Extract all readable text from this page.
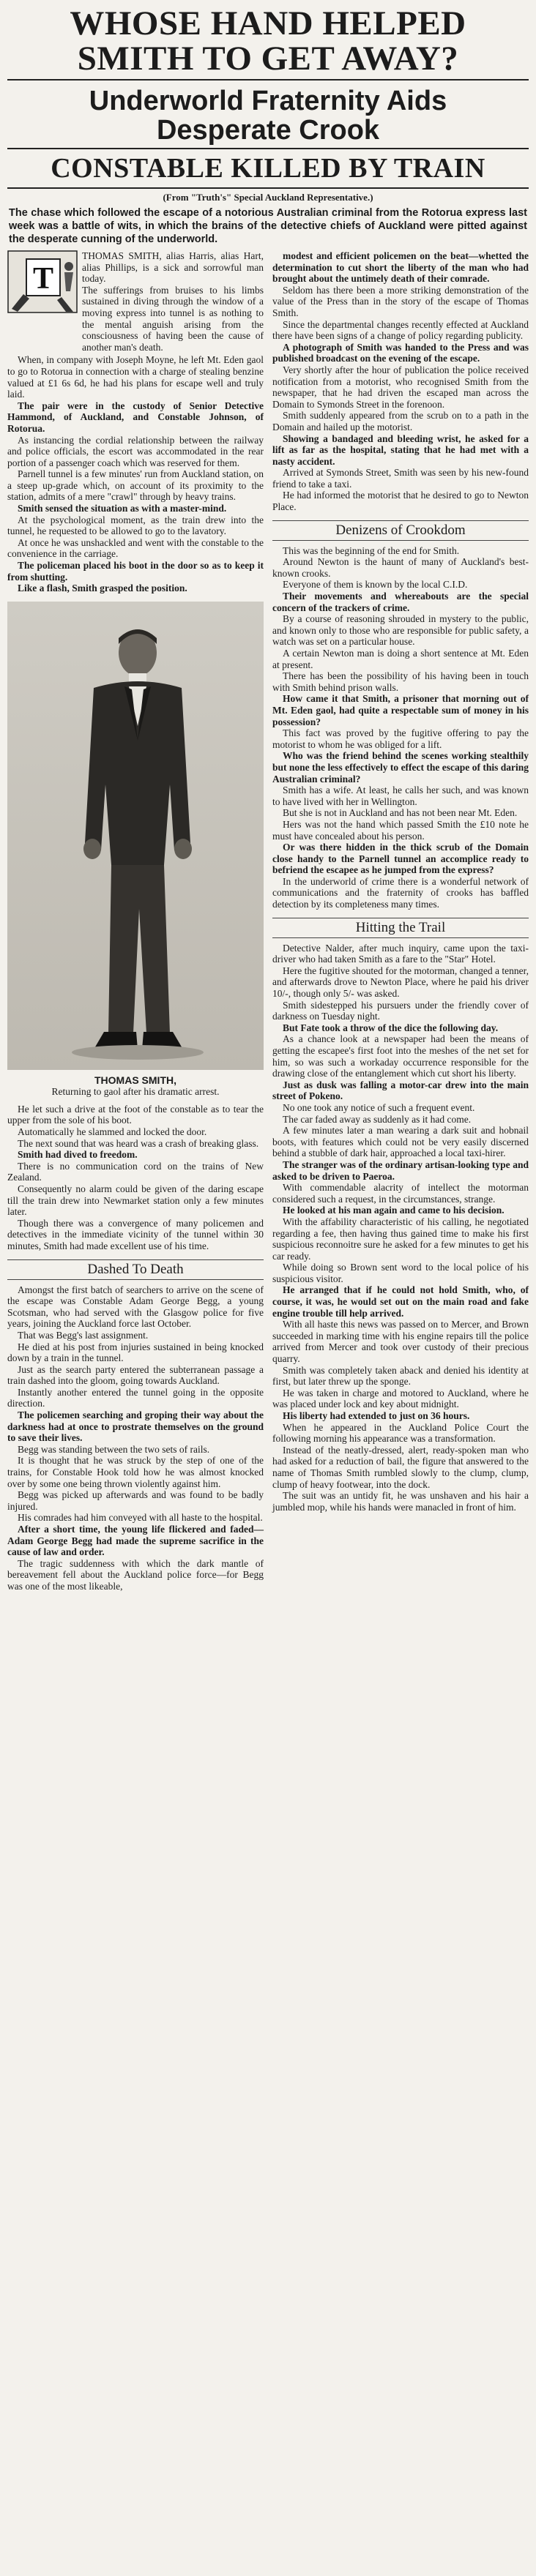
WHOSE HAND HELPED
SMITH TO GET AWAY?
Underworld Fraternity Aids
Desperate Crook
CONSTABLE KILLED BY TRAIN
(From "Truth's" Special Auckland Representative.)
The chase which followed the escape of a notorious Australian criminal from the Rotorua express last week was a battle of wits, in which the brains of the detective chiefs of Auckland were pitted against the desperate cunning of the underworld.
T

THOMAS SMITH, alias Harris, alias Hart, alias Phillips, is a sick and sorrowful man today.

The sufferings from bruises to his limbs sustained in diving through the window of a moving express into tunnel is as nothing to the mental anguish arising from the consciousness of having been the cause of another man's death.

When, in company with Joseph Moyne, he left Mt. Eden gaol to go to Rotorua in connection with a charge of stealing benzine valued at £1 6s 6d, he had his plans for escape well and truly laid.

The pair were in the custody of Senior Detective Hammond, of Auckland, and Constable Johnson, of Rotorua.

As instancing the cordial relationship between the railway and police officials, the escort was accommodated in the rear portion of a passenger coach which was reserved for them.

Parnell tunnel is a few minutes' run from Auckland station, on a steep up-grade which, on account of its proximity to the station, admits of a mere "crawl" through by heavy trains.

Smith sensed the situation as with a master-mind.

At the psychological moment, as the train drew into the tunnel, he requested to be allowed to go to the lavatory.

At once he was unshackled and went with the constable to the convenience in the carriage.

The policeman placed his boot in the door so as to keep it from shutting.

Like a flash, Smith grasped the position.

THOMAS SMITH,
Returning to gaol after his dramatic arrest.

He let such a drive at the foot of the constable as to tear the upper from the sole of his boot.

Automatically he slammed and locked the door.

The next sound that was heard was a crash of breaking glass.

Smith had dived to freedom.

There is no communication cord on the trains of New Zealand.

Consequently no alarm could be given of the daring escape till the train drew into Newmarket station only a few minutes later.

Though there was a convergence of many policemen and detectives in the immediate vicinity of the tunnel within 30 minutes, Smith had made excellent use of his time.

Dashed To Death

Amongst the first batch of searchers to arrive on the scene of the escape was Constable Adam George Begg, a young Scotsman, who had served with the Glasgow police for five years, joining the Auckland force last October.

That was Begg's last assignment.

He died at his post from injuries sustained in being knocked down by a train in the tunnel.

Just as the search party entered the subterranean passage a train dashed into the gloom, going towards Auckland.

Instantly another entered the tunnel going in the opposite direction.

The policemen searching and groping their way about the darkness had at once to prostrate themselves on the ground to save their lives.

Begg was standing between the two sets of rails.

It is thought that he was struck by the step of one of the trains, for Constable Hook told how he was almost knocked over by some one being thrown violently against him.

Begg was picked up afterwards and was found to be badly injured.

His comrades had him conveyed with all haste to the hospital.

After a short time, the young life flickered and faded—Adam George Begg had made the supreme sacrifice in the cause of law and order.

The tragic suddenness with which the dark mantle of bereavement fell about the Auckland police force—for Begg was one of the most likeable,

modest and efficient policemen on the beat—whetted the determination to cut short the liberty of the man who had brought about the untimely death of their comrade.

Seldom has there been a more striking demonstration of the value of the Press than in the story of the escape of Thomas Smith.

Since the departmental changes recently effected at Auckland there have been signs of a change of policy regarding publicity.

A photograph of Smith was handed to the Press and was published broadcast on the evening of the escape.

Very shortly after the hour of publication the police received notification from a motorist, who recognised Smith from the newspaper, that he had driven the escaped man across the Domain to Symonds Street in the forenoon.

Smith suddenly appeared from the scrub on to a path in the Domain and hailed up the motorist.

Showing a bandaged and bleeding wrist, he asked for a lift as far as the hospital, stating that he had met with a nasty accident.

Arrived at Symonds Street, Smith was seen by his new-found friend to take a taxi.

He had informed the motorist that he desired to go to Newton Place.

Denizens of Crookdom

This was the beginning of the end for Smith.

Around Newton is the haunt of many of Auckland's best-known crooks.

Everyone of them is known by the local C.I.D.

Their movements and whereabouts are the special concern of the trackers of crime.

By a course of reasoning shrouded in mystery to the public, and known only to those who are responsible for public safety, a watch was set on a particular house.

A certain Newton man is doing a short sentence at Mt. Eden at present.

There has been the possibility of his having been in touch with Smith behind prison walls.

How came it that Smith, a prisoner that morning out of Mt. Eden gaol, had quite a respectable sum of money in his possession?

This fact was proved by the fugitive offering to pay the motorist to whom he was obliged for a lift.

Who was the friend behind the scenes working stealthily but none the less effectively to effect the escape of this daring Australian criminal?

Smith has a wife. At least, he calls her such, and was known to have lived with her in Wellington.

But she is not in Auckland and has not been near Mt. Eden.

Hers was not the hand which passed Smith the £10 note he must have concealed about his person.

Or was there hidden in the thick scrub of the Domain close handy to the Parnell tunnel an accomplice ready to befriend the escapee as he jumped from the express?

In the underworld of crime there is a wonderful network of communications and the fraternity of crooks has baffled detection by its completeness many times.

Hitting the Trail

Detective Nalder, after much inquiry, came upon the taxi-driver who had taken Smith as a fare to the "Star" Hotel.

Here the fugitive shouted for the motorman, changed a tenner, and afterwards drove to Newton Place, where he paid his driver 10/-, though only 5/- was asked.

Smith sidestepped his pursuers under the friendly cover of darkness on Tuesday night.

But Fate took a throw of the dice the following day.

As a chance look at a newspaper had been the means of getting the escapee's first foot into the meshes of the net set for him, so was such a workaday occurrence responsible for the drawing close of the entanglement which cut short his liberty.

Just as dusk was falling a motor-car drew into the main street of Pokeno.

No one took any notice of such a frequent event.

The car faded away as suddenly as it had come.

A few minutes later a man wearing a dark suit and hobnail boots, with features which could not be very easily discerned behind a stubble of dark hair, approached a local taxi-hirer.

The stranger was of the ordinary artisan-looking type and asked to be driven to Paeroa.

With commendable alacrity of intellect the motorman considered such a request, in the circumstances, strange.

He looked at his man again and came to his decision.

With the affability characteristic of his calling, he negotiated regarding a fee, then having thus gained time to make his first suspicious reconnoitre sure he asked for a few minutes to get his car ready.

While doing so Brown sent word to the local police of his suspicious visitor.

He arranged that if he could not hold Smith, who, of course, it was, he would set out on the main road and fake engine trouble till help arrived.

With all haste this news was passed on to Mercer, and Brown succeeded in marking time with his engine repairs till the police arrived from Mercer and took over custody of their precious quarry.

Smith was completely taken aback and denied his identity at first, but later threw up the sponge.

He was taken in charge and motored to Auckland, where he was placed under lock and key about midnight.

His liberty had extended to just on 36 hours.

When he appeared in the Auckland Police Court the following morning his appearance was a transformation.

Instead of the neatly-dressed, alert, ready-spoken man who had asked for a reduction of bail, the figure that answered to the name of Thomas Smith rumbled slowly to the clump, clump, clump of heavy footwear, into the dock.

The suit was an untidy fit, he was unshaven and his hair a jumbled mop, while his hands were manacled in front of him.
